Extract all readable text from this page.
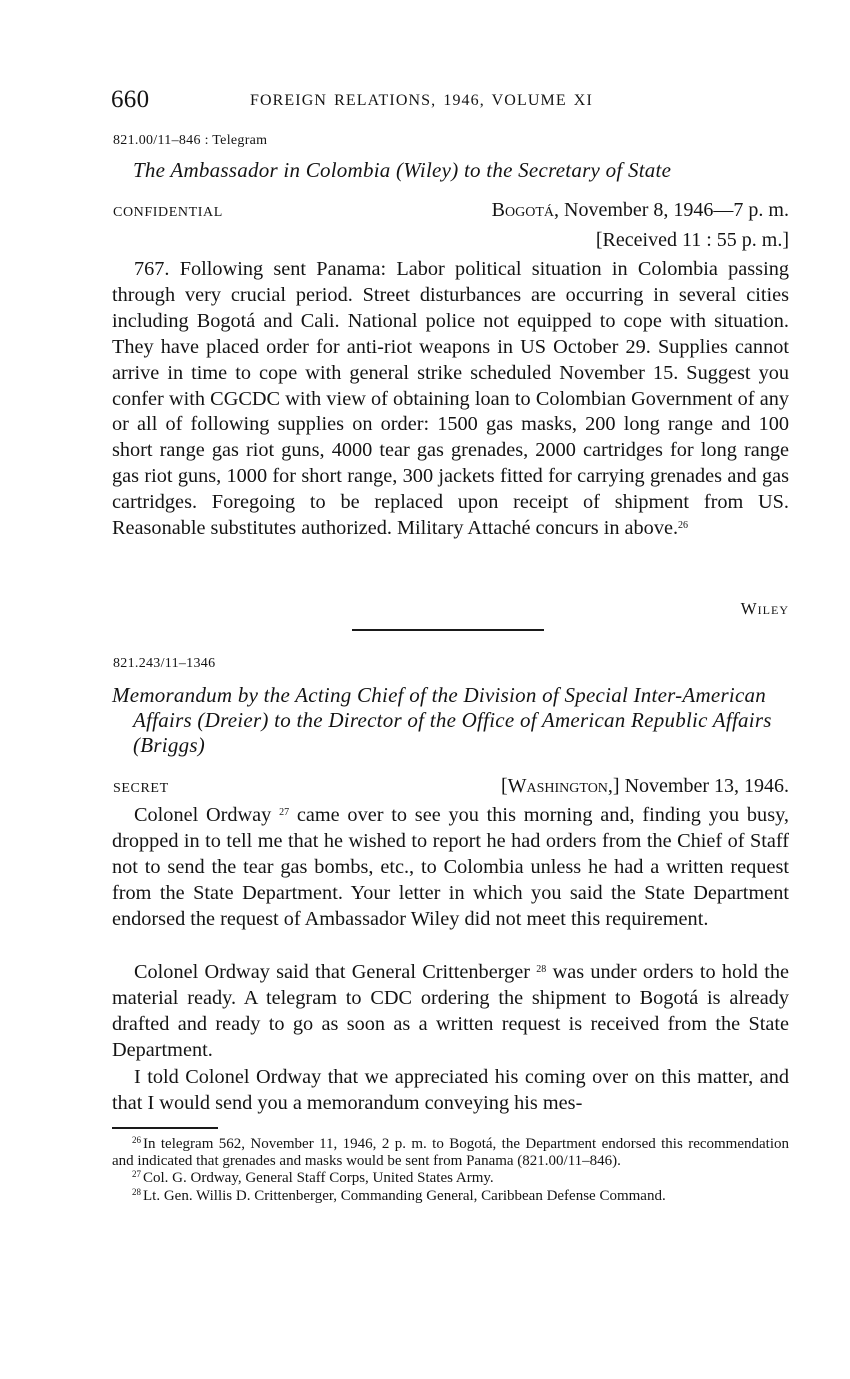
660	FOREIGN RELATIONS, 1946, VOLUME XI
821.00/11–846 : Telegram
The Ambassador in Colombia (Wiley) to the Secretary of State
CONFIDENTIAL	Bogotá, November 8, 1946—7 p. m.
[Received 11 : 55 p. m.]

767. Following sent Panama: Labor political situation in Colombia passing through very crucial period. Street disturbances are occurring in several cities including Bogotá and Cali. National police not equipped to cope with situation. They have placed order for anti-riot weapons in US October 29. Supplies cannot arrive in time to cope with general strike scheduled November 15. Suggest you confer with CGCDC with view of obtaining loan to Colombian Government of any or all of following supplies on order: 1500 gas masks, 200 long range and 100 short range gas riot guns, 4000 tear gas grenades, 2000 cartridges for long range gas riot guns, 1000 for short range, 300 jackets fitted for carrying grenades and gas cartridges. Foregoing to be replaced upon receipt of shipment from US. Reasonable substitutes authorized. Military Attaché concurs in above.$^{26}$

Wiley
821.243/11–1346
Memorandum by the Acting Chief of the Division of Special Inter-American Affairs (Dreier) to the Director of the Office of American Republic Affairs (Briggs)
SECRET	[Washington,] November 13, 1946.

Colonel Ordway $^{27}$ came over to see you this morning and, finding you busy, dropped in to tell me that he wished to report he had orders from the Chief of Staff not to send the tear gas bombs, etc., to Colombia unless he had a written request from the State Department. Your letter in which you said the State Department endorsed the request of Ambassador Wiley did not meet this requirement.

Colonel Ordway said that General Crittenberger $^{28}$ was under orders to hold the material ready. A telegram to CDC ordering the shipment to Bogotá is already drafted and ready to go as soon as a written request is received from the State Department.

I told Colonel Ordway that we appreciated his coming over on this matter, and that I would send you a memorandum conveying his mes-

$^{26}$ In telegram 562, November 11, 1946, 2 p. m. to Bogotá, the Department endorsed this recommendation and indicated that grenades and masks would be sent from Panama (821.00/11–846).

$^{27}$ Col. G. Ordway, General Staff Corps, United States Army.

$^{28}$ Lt. Gen. Willis D. Crittenberger, Commanding General, Caribbean Defense Command.
